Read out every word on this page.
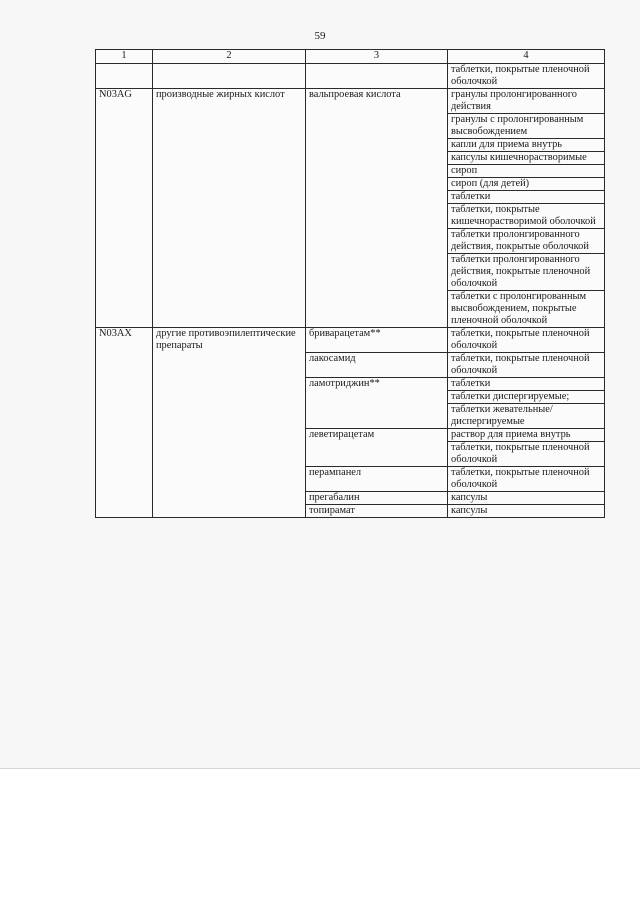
59
1	2	3	4
			таблетки, покрытые пленочной оболочкой
N03AG	производные жирных кислот	вальпроевая кислота	гранулы пролонгированного действия
			гранулы с пролонгированным высвобождением
			капли для приема внутрь
			капсулы кишечнорастворимые
			сироп
			сироп (для детей)
			таблетки
			таблетки, покрытые кишечнорастворимой оболочкой
			таблетки пролонгированного действия, покрытые оболочкой
			таблетки пролонгированного действия, покрытые пленочной оболочкой
			таблетки с пролонгированным высвобождением, покрытые пленочной оболочкой
N03AX	другие противоэпилептические препараты	бриварацетам**	таблетки, покрытые пленочной оболочкой
		лакосамид	таблетки, покрытые пленочной оболочкой
		ламотриджин**	таблетки
			таблетки диспергируемые;
			таблетки жевательные/ диспергируемые
		леветирацетам	раствор для приема внутрь
			таблетки, покрытые пленочной оболочкой
		перампанел	таблетки, покрытые пленочной оболочкой
		прегабалин	капсулы
		топирамат	капсулы
